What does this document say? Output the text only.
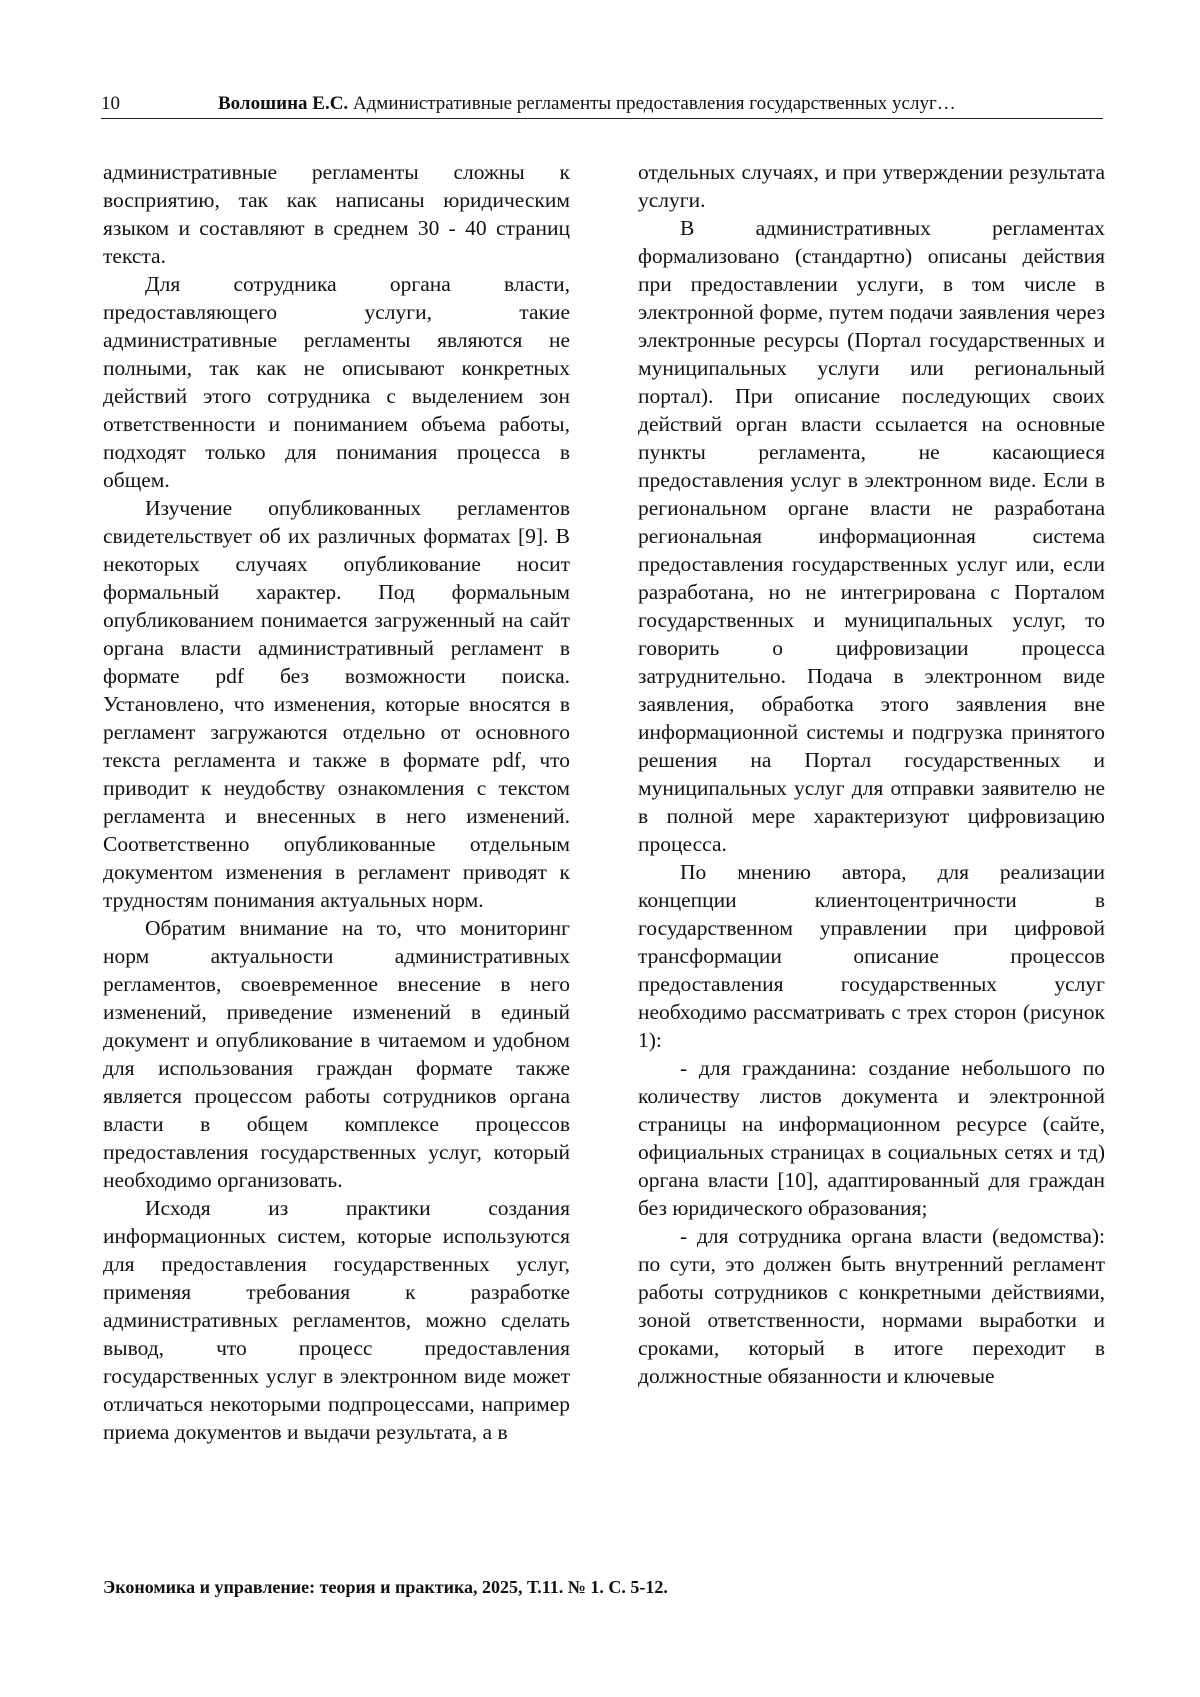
10	Волошина Е.С. Административные регламенты предоставления государственных услуг…

административные регламенты сложны к восприятию, так как написаны юридическим языком и составляют в среднем 30 - 40 страниц текста.

Для сотрудника органа власти, предоставляющего услуги, такие административные регламенты являются не полными, так как не описывают конкретных действий этого сотрудника с выделением зон ответственности и пониманием объема работы, подходят только для понимания процесса в общем.

Изучение опубликованных регламентов свидетельствует об их различных форматах [9]. В некоторых случаях опубликование носит формальный характер. Под формальным опубликованием понимается загруженный на сайт органа власти административный регламент в формате pdf без возможности поиска. Установлено, что изменения, которые вносятся в регламент загружаются отдельно от основного текста регламента и также в формате pdf, что приводит к неудобству ознакомления с текстом регламента и внесенных в него изменений. Соответственно опубликованные отдельным документом изменения в регламент приводят к трудностям понимания актуальных норм.

Обратим внимание на то, что мониторинг норм актуальности административных регламентов, своевременное внесение в него изменений, приведение изменений в единый документ и опубликование в читаемом и удобном для использования граждан формате также является процессом работы сотрудников органа власти в общем комплексе процессов предоставления государственных услуг, который необходимо организовать.

Исходя из практики создания информационных систем, которые используются для предоставления государственных услуг, применяя требования к разработке административных регламентов, можно сделать вывод, что процесс предоставления государственных услуг в электронном виде может отличаться некоторыми подпроцессами, например приема документов и выдачи результата, а в

отдельных случаях, и при утверждении результата услуги.

В административных регламентах формализовано (стандартно) описаны действия при предоставлении услуги, в том числе в электронной форме, путем подачи заявления через электронные ресурсы (Портал государственных и муниципальных услуги или региональный портал). При описание последующих своих действий орган власти ссылается на основные пункты регламента, не касающиеся предоставления услуг в электронном виде. Если в региональном органе власти не разработана региональная информационная система предоставления государственных услуг или, если разработана, но не интегрирована с Порталом государственных и муниципальных услуг, то говорить о цифровизации процесса затруднительно. Подача в электронном виде заявления, обработка этого заявления вне информационной системы и подгрузка принятого решения на Портал государственных и муниципальных услуг для отправки заявителю не в полной мере характеризуют цифровизацию процесса.

По мнению автора, для реализации концепции клиентоцентричности в государственном управлении при цифровой трансформации описание процессов предоставления государственных услуг необходимо рассматривать с трех сторон (рисунок 1):

- для гражданина: создание небольшого по количеству листов документа и электронной страницы на информационном ресурсе (сайте, официальных страницах в социальных сетях и тд) органа власти [10], адаптированный для граждан без юридического образования;

- для сотрудника органа власти (ведомства): по сути, это должен быть внутренний регламент работы сотрудников с конкретными действиями, зоной ответственности, нормами выработки и сроками, который в итоге переходит в должностные обязанности и ключевые

Экономика и управление: теория и практика, 2025, Т.11. № 1. С. 5-12.
